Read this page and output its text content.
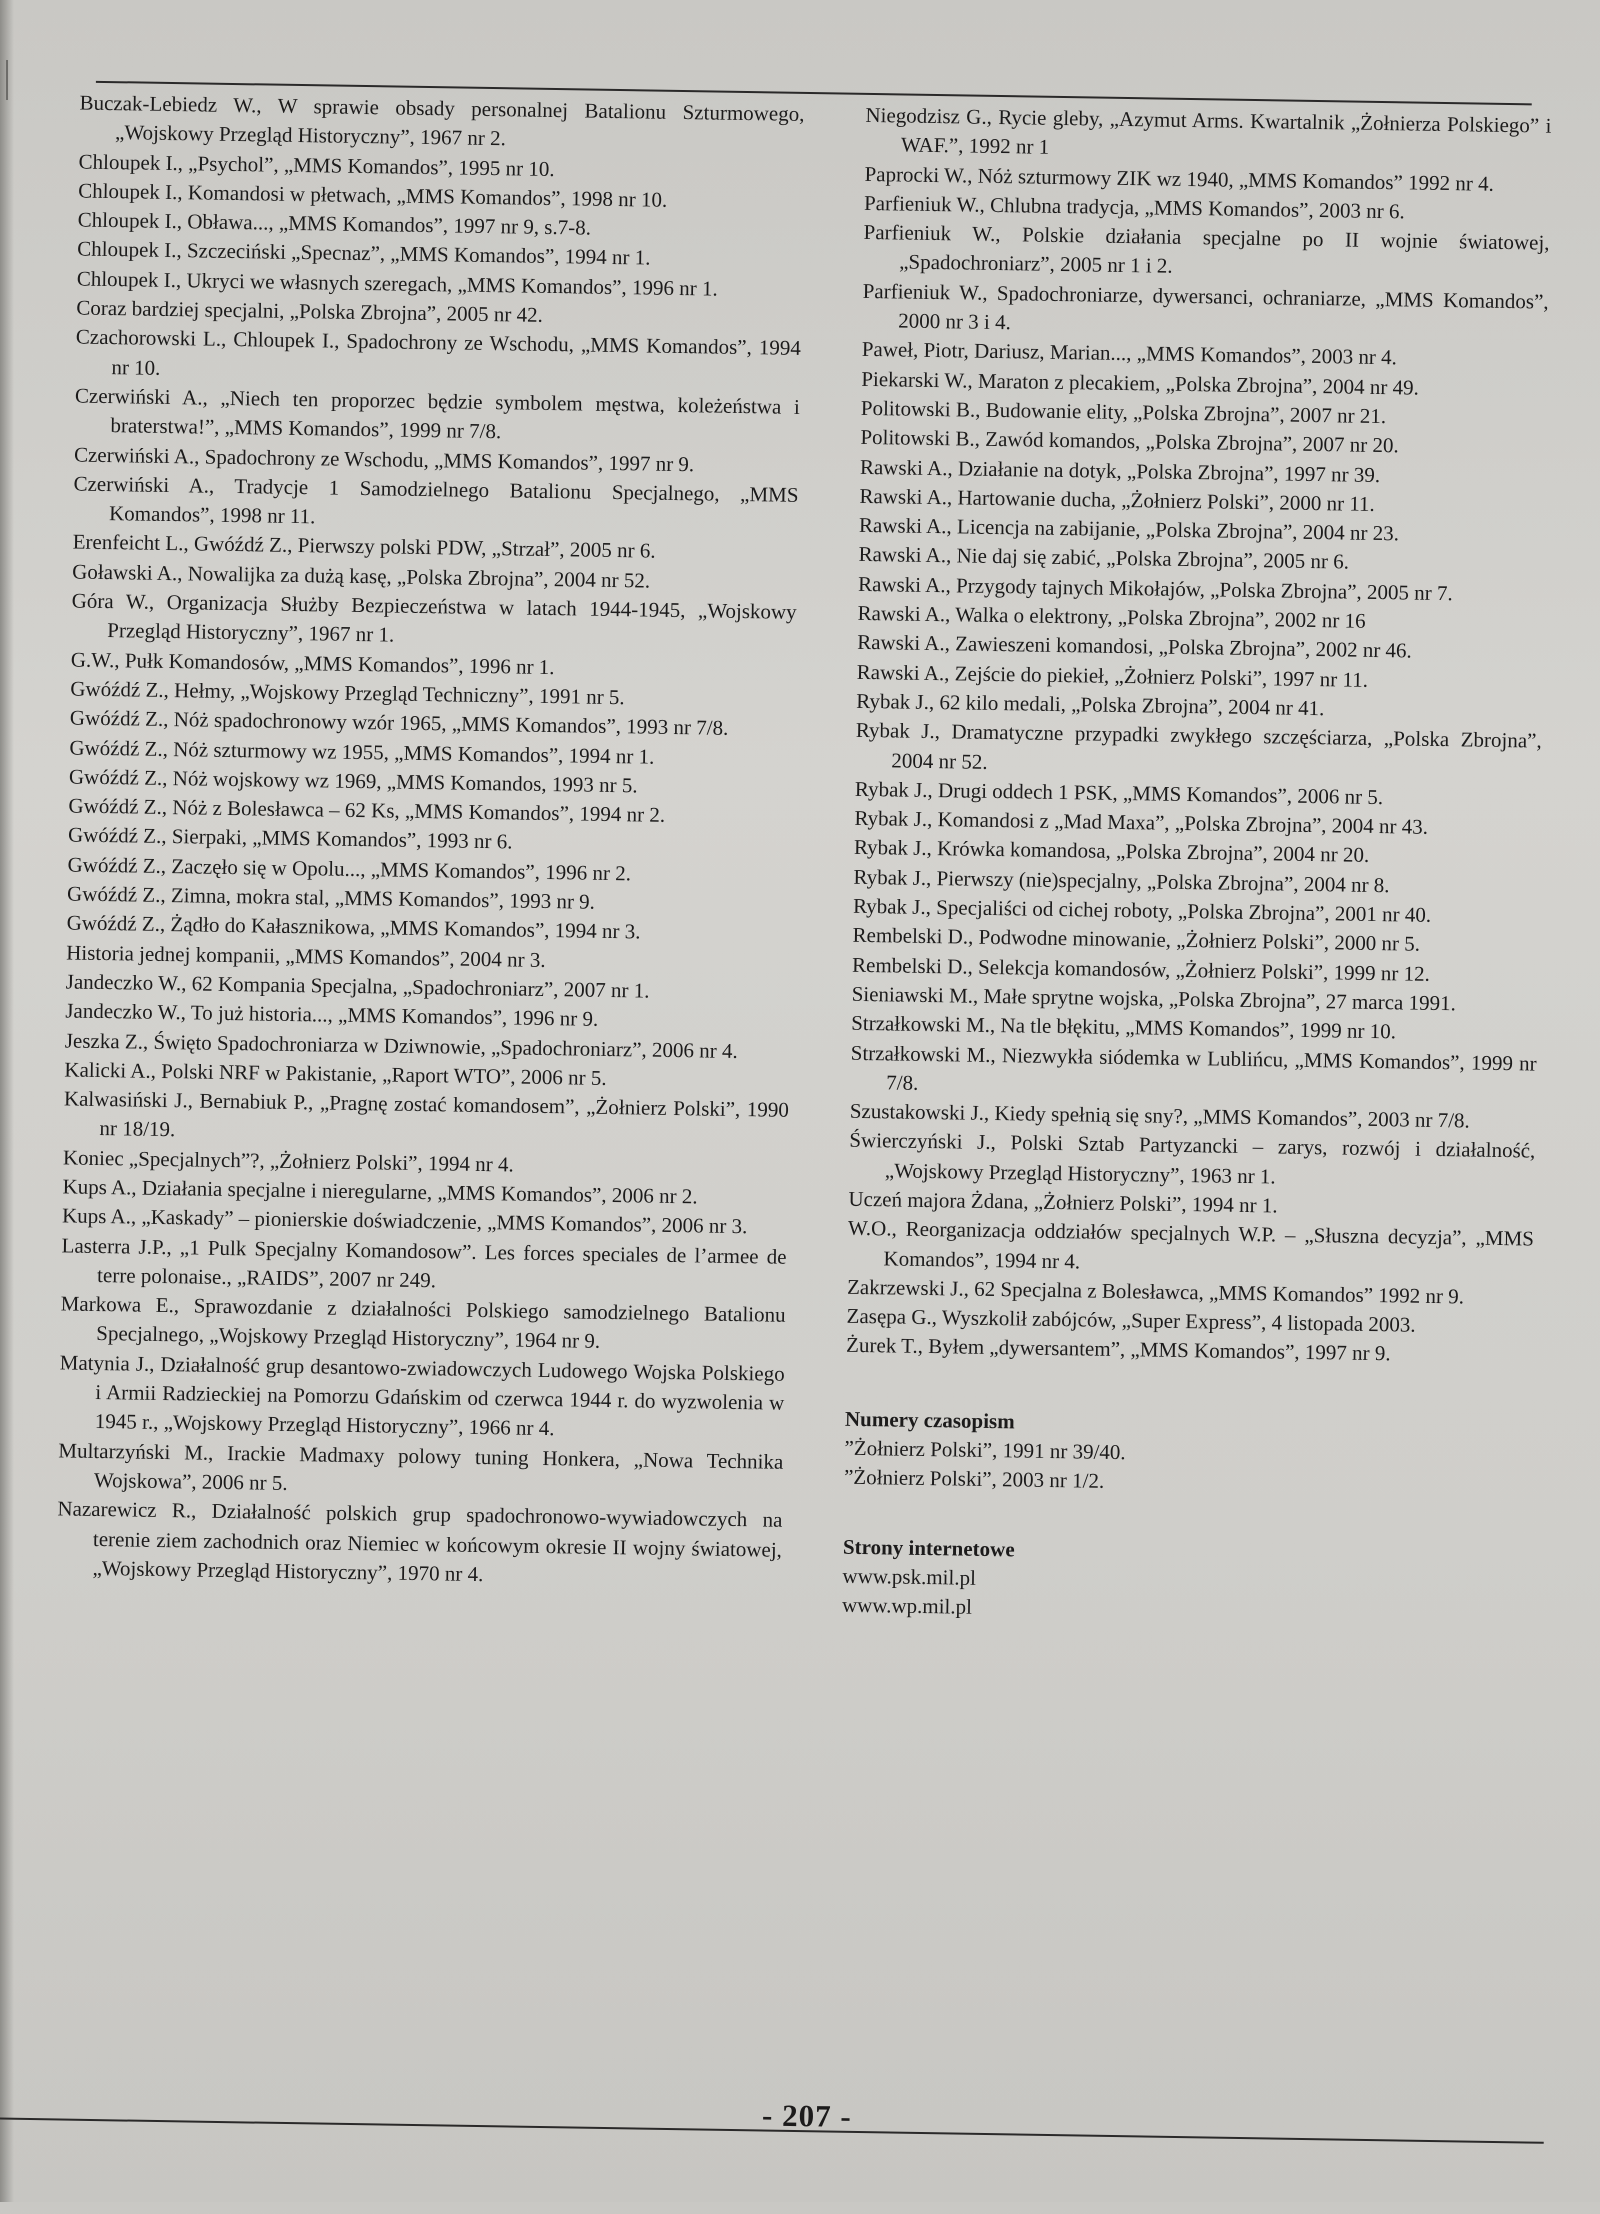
Buczak-Lebiedz W., W sprawie obsady personalnej Batalionu Szturmowego, „Wojskowy Przegląd Historyczny”, 1967 nr 2.

Chloupek I., „Psychol”, „MMS Komandos”, 1995 nr 10.

Chloupek I., Komandosi w płetwach, „MMS Komandos”, 1998 nr 10.

Chloupek I., Obława..., „MMS Komandos”, 1997 nr 9, s.7-8.

Chloupek I., Szczeciński „Specnaz”, „MMS Komandos”, 1994 nr 1.

Chloupek I., Ukryci we własnych szeregach, „MMS Komandos”, 1996 nr 1.

Coraz bardziej specjalni, „Polska Zbrojna”, 2005 nr 42.

Czachorowski L., Chloupek I., Spadochrony ze Wschodu, „MMS Komandos”, 1994 nr 10.

Czerwiński A., „Niech ten proporzec będzie symbolem męstwa, koleżeństwa i braterstwa!”, „MMS Komandos”, 1999 nr 7/8.

Czerwiński A., Spadochrony ze Wschodu, „MMS Komandos”, 1997 nr 9.

Czerwiński A., Tradycje 1 Samodzielnego Batalionu Specjalnego, „MMS Komandos”, 1998 nr 11.

Erenfeicht L., Gwóźdź Z., Pierwszy polski PDW, „Strzał”, 2005 nr 6.

Goławski A., Nowalijka za dużą kasę, „Polska Zbrojna”, 2004 nr 52.

Góra W., Organizacja Służby Bezpieczeństwa w latach 1944-1945, „Wojskowy Przegląd Historyczny”, 1967 nr 1.

G.W., Pułk Komandosów, „MMS Komandos”, 1996 nr 1.

Gwóźdź Z., Hełmy, „Wojskowy Przegląd Techniczny”, 1991 nr 5.

Gwóźdź Z., Nóż spadochronowy wzór 1965, „MMS Komandos”, 1993 nr 7/8.

Gwóźdź Z., Nóż szturmowy wz 1955, „MMS Komandos”, 1994 nr 1.

Gwóźdź Z., Nóż wojskowy wz 1969, „MMS Komandos, 1993 nr 5.

Gwóźdź Z., Nóż z Bolesławca – 62 Ks, „MMS Komandos”, 1994 nr 2.

Gwóźdź Z., Sierpaki, „MMS Komandos”, 1993 nr 6.

Gwóźdź Z., Zaczęło się w Opolu..., „MMS Komandos”, 1996 nr 2.

Gwóźdź Z., Zimna, mokra stal, „MMS Komandos”, 1993 nr 9.

Gwóźdź Z., Żądło do Kałasznikowa, „MMS Komandos”, 1994 nr 3.

Historia jednej kompanii, „MMS Komandos”, 2004 nr 3.

Jandeczko W., 62 Kompania Specjalna, „Spadochroniarz”, 2007 nr 1.

Jandeczko W., To już historia..., „MMS Komandos”, 1996 nr 9.

Jeszka Z., Święto Spadochroniarza w Dziwnowie, „Spadochroniarz”, 2006 nr 4.

Kalicki A., Polski NRF w Pakistanie, „Raport WTO”, 2006 nr 5.

Kalwasiński J., Bernabiuk P., „Pragnę zostać komandosem”, „Żołnierz Polski”, 1990 nr 18/19.

Koniec „Specjalnych”?, „Żołnierz Polski”, 1994 nr 4.

Kups A., Działania specjalne i nieregularne, „MMS Komandos”, 2006 nr 2.

Kups A., „Kaskady” – pionierskie doświadczenie, „MMS Komandos”, 2006 nr 3.

Lasterra J.P., „1 Pulk Specjalny Komandosow”. Les forces speciales de l’armee de terre polonaise., „RAIDS”, 2007 nr 249.

Markowa E., Sprawozdanie z działalności Polskiego samodzielnego Batalionu Specjalnego, „Wojskowy Przegląd Historyczny”, 1964 nr 9.

Matynia J., Działalność grup desantowo-zwiadowczych Ludowego Wojska Polskiego i Armii Radzieckiej na Pomorzu Gdańskim od czerwca 1944 r. do wyzwolenia w 1945 r., „Wojskowy Przegląd Historyczny”, 1966 nr 4.

Multarzyński M., Irackie Madmaxy polowy tuning Honkera, „Nowa Technika Wojskowa”, 2006 nr 5.

Nazarewicz R., Działalność polskich grup spadochronowo-wywiadowczych na terenie ziem zachodnich oraz Niemiec w końcowym okresie II wojny światowej, „Wojskowy Przegląd Historyczny”, 1970 nr 4.

Niegodzisz G., Rycie gleby, „Azymut Arms. Kwartalnik „Żołnierza Polskiego” i WAF.”, 1992 nr 1

Paprocki W., Nóż szturmowy ZIK wz 1940, „MMS Komandos” 1992 nr 4.

Parfieniuk W., Chlubna tradycja, „MMS Komandos”, 2003 nr 6.

Parfieniuk W., Polskie działania specjalne po II wojnie światowej, „Spadochroniarz”, 2005 nr 1 i 2.

Parfieniuk W., Spadochroniarze, dywersanci, ochraniarze, „MMS Komandos”, 2000 nr 3 i 4.

Paweł, Piotr, Dariusz, Marian..., „MMS Komandos”, 2003 nr 4.

Piekarski W., Maraton z plecakiem, „Polska Zbrojna”, 2004 nr 49.

Politowski B., Budowanie elity, „Polska Zbrojna”, 2007 nr 21.

Politowski B., Zawód komandos, „Polska Zbrojna”, 2007 nr 20.

Rawski A., Działanie na dotyk, „Polska Zbrojna”, 1997 nr 39.

Rawski A., Hartowanie ducha, „Żołnierz Polski”, 2000 nr 11.

Rawski A., Licencja na zabijanie, „Polska Zbrojna”, 2004 nr 23.

Rawski A., Nie daj się zabić, „Polska Zbrojna”, 2005 nr 6.

Rawski A., Przygody tajnych Mikołajów, „Polska Zbrojna”, 2005 nr 7.

Rawski A., Walka o elektrony, „Polska Zbrojna”, 2002 nr 16

Rawski A., Zawieszeni komandosi, „Polska Zbrojna”, 2002 nr 46.

Rawski A., Zejście do piekieł, „Żołnierz Polski”, 1997 nr 11.

Rybak J., 62 kilo medali, „Polska Zbrojna”, 2004 nr 41.

Rybak J., Dramatyczne przypadki zwykłego szczęściarza, „Polska Zbrojna”, 2004 nr 52.

Rybak J., Drugi oddech 1 PSK, „MMS Komandos”, 2006 nr 5.

Rybak J., Komandosi z „Mad Maxa”, „Polska Zbrojna”, 2004 nr 43.

Rybak J., Krówka komandosa, „Polska Zbrojna”, 2004 nr 20.

Rybak J., Pierwszy (nie)specjalny, „Polska Zbrojna”, 2004 nr 8.

Rybak J., Specjaliści od cichej roboty, „Polska Zbrojna”, 2001 nr 40.

Rembelski D., Podwodne minowanie, „Żołnierz Polski”, 2000 nr 5.

Rembelski D., Selekcja komandosów, „Żołnierz Polski”, 1999 nr 12.

Sieniawski M., Małe sprytne wojska, „Polska Zbrojna”, 27 marca 1991.

Strzałkowski M., Na tle błękitu, „MMS Komandos”, 1999 nr 10.

Strzałkowski M., Niezwykła siódemka w Lublińcu, „MMS Komandos”, 1999 nr 7/8.

Szustakowski J., Kiedy spełnią się sny?, „MMS Komandos”, 2003 nr 7/8.

Świerczyński J., Polski Sztab Partyzancki – zarys, rozwój i działalność, „Wojskowy Przegląd Historyczny”, 1963 nr 1.

Uczeń majora Żdana, „Żołnierz Polski”, 1994 nr 1.

W.O., Reorganizacja oddziałów specjalnych W.P. – „Słuszna decyzja”, „MMS Komandos”, 1994 nr 4.

Zakrzewski J., 62 Specjalna z Bolesławca, „MMS Komandos” 1992 nr 9.

Zasępa G., Wyszkolił zabójców, „Super Express”, 4 listopada 2003.

Żurek T., Byłem „dywersantem”, „MMS Komandos”, 1997 nr 9.

Numery czasopism

”Żołnierz Polski”, 1991 nr 39/40.

”Żołnierz Polski”, 2003 nr 1/2.

Strony internetowe

www.psk.mil.pl

www.wp.mil.pl

- 207 -
